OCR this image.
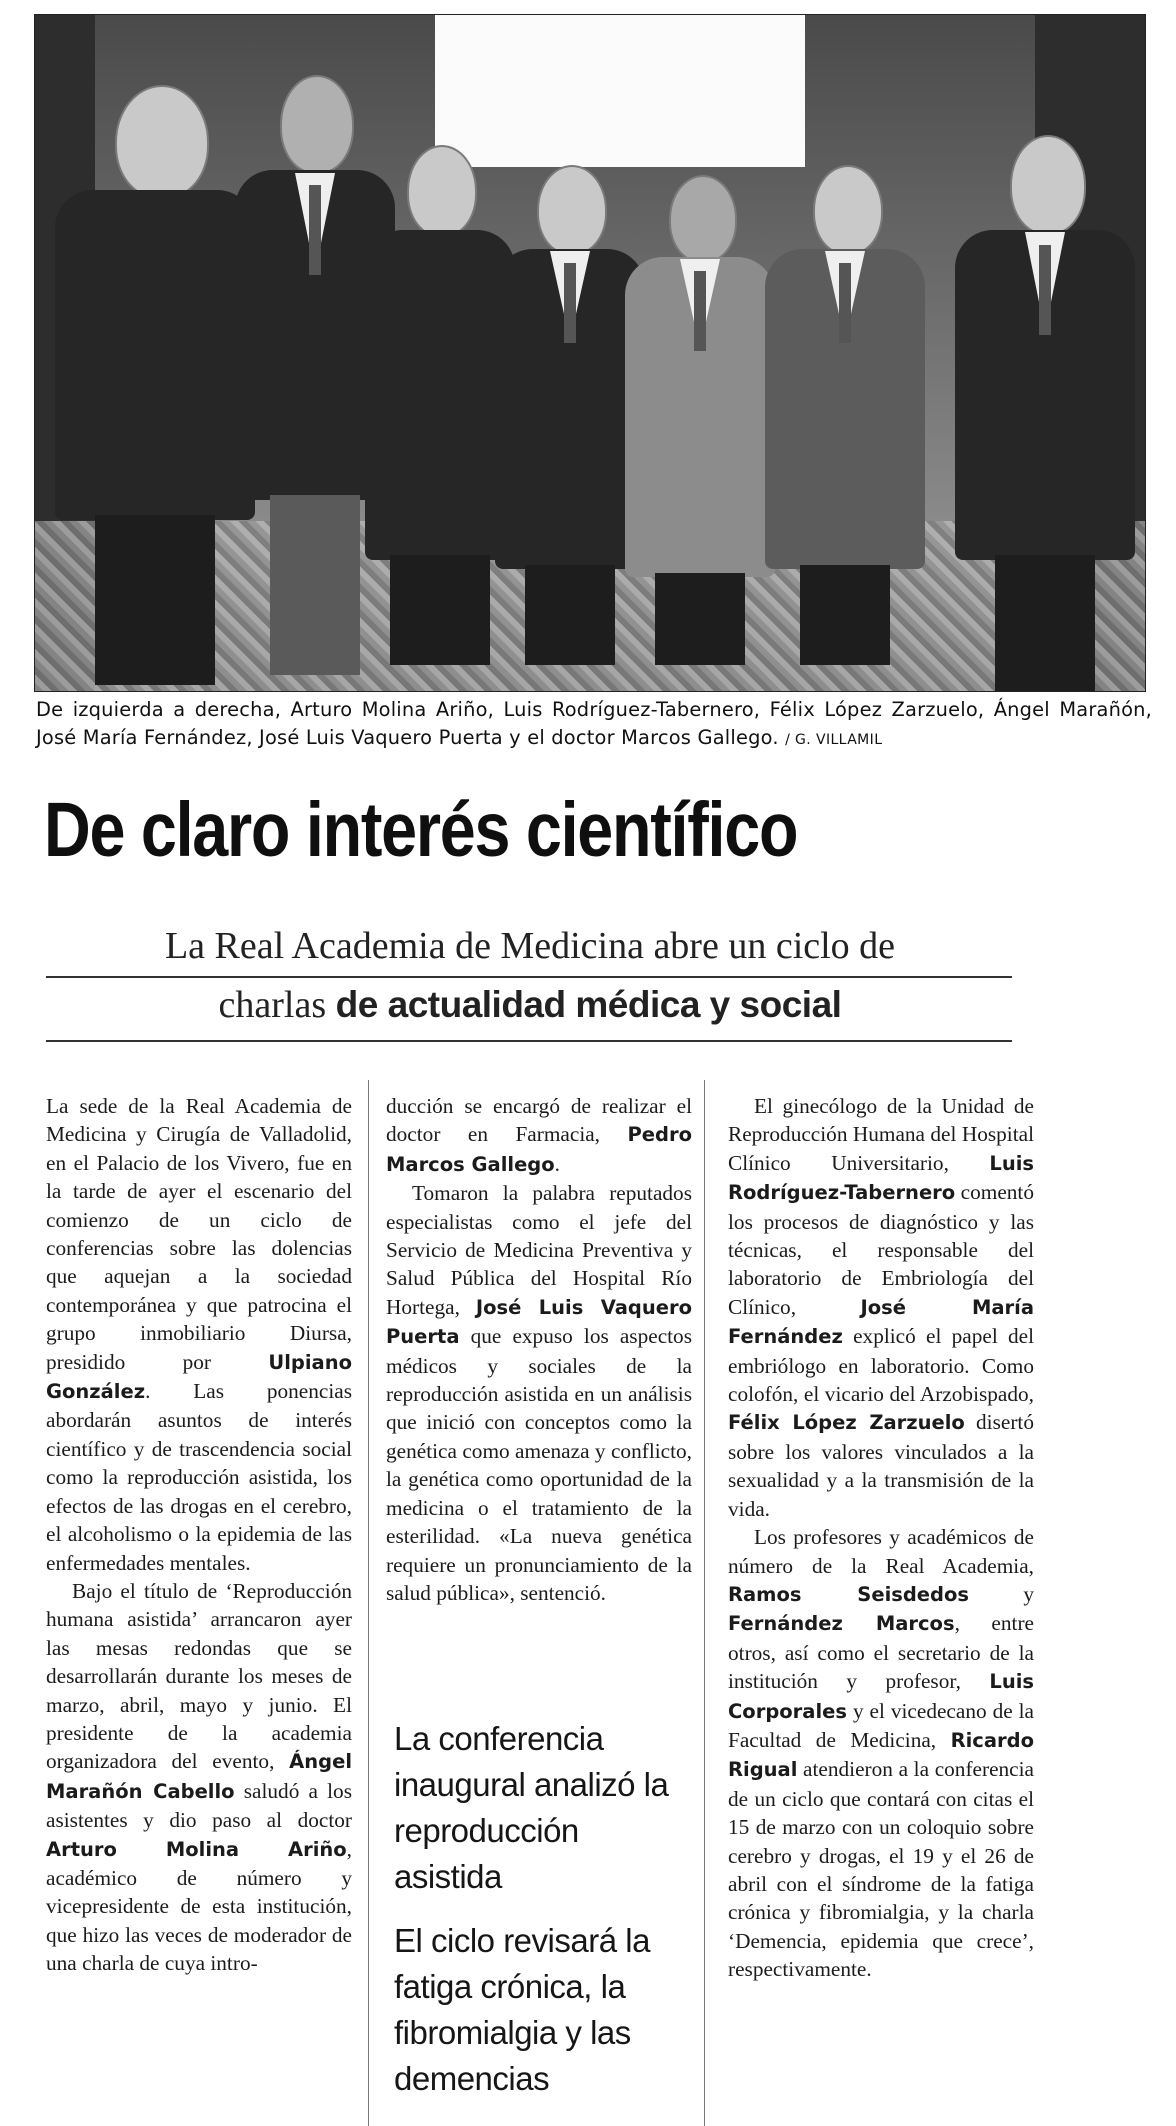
De izquierda a derecha, Arturo Molina Ariño, Luis Rodríguez-Tabernero, Félix López Zarzuelo, Ángel Marañón, José María Fernández, José Luis Vaquero Puerta y el doctor Marcos Gallego. / G. VILLAMIL
De claro interés científico
La Real Academia de Medicina abre un ciclo de
charlas de actualidad médica y social

La sede de la Real Academia de Medicina y Cirugía de Valladolid, en el Palacio de los Vivero, fue en la tarde de ayer el escenario del comienzo de un ciclo de conferencias sobre las dolencias que aquejan a la sociedad contemporánea y que patrocina el grupo inmobiliario Diursa, presidido por	Ulpiano González. Las ponencias abordarán asuntos de interés científico y de trascendencia social como la reproducción asistida, los efectos de las drogas en el cerebro, el alcoholismo o la epidemia de las enfermedades mentales.

Bajo el título de ‘Reproducción humana asistida’ arrancaron ayer las mesas redondas que se desarrollarán durante los meses de marzo, abril, mayo y junio. El presidente de la academia organizadora del evento, Ángel Marañón Cabello saludó a los asistentes y dio paso al doctor Arturo Molina Ariño, académico de número y vicepresidente de esta institución, que hizo las veces de moderador de una charla de cuya intro-

ducción se encargó de realizar el doctor en Farmacia, Pedro Marcos Gallego.

Tomaron la palabra reputados especialistas como el jefe del Servicio de Medicina Preventiva y Salud Pública del Hospital Río Hortega, José Luis Vaquero Puerta que expuso los aspectos médicos y sociales de la reproducción asistida en un análisis que inició con conceptos como la genética como amenaza y conflicto, la genética como oportunidad de la medicina o el tratamiento de la esterilidad. «La nueva genética requiere un pronunciamiento de la salud pública», sentenció.

La conferencia inaugural analizó la reproducción asistida
El ciclo revisará la fatiga crónica, la fibromialgia y las demencias

El ginecólogo de la Unidad de Reproducción Humana del Hospital Clínico Universitario, Luis Rodríguez-Tabernero comentó los procesos de diagnóstico y las técnicas, el responsable del laboratorio de Embriología del Clínico,	José María Fernández explicó el papel del embriólogo en laboratorio. Como colofón, el vicario del Arzobispado, Félix López Zarzuelo disertó sobre los valores vinculados a la sexualidad y a la transmisión de la vida.

Los profesores y académicos de número de la Real Academia, Ramos Seisdedos	y Fernández Marcos, entre otros, así como el secretario de la institución y profesor, Luis Corporales y el vicedecano de la Facultad de Medicina, Ricardo Rigual atendieron a la conferencia de un ciclo que contará con citas el 15 de marzo con un coloquio sobre cerebro y drogas, el 19 y el 26 de abril con el síndrome de la fatiga crónica y fibromialgia, y la charla ‘Demencia, epidemia que crece’, respectivamente.
